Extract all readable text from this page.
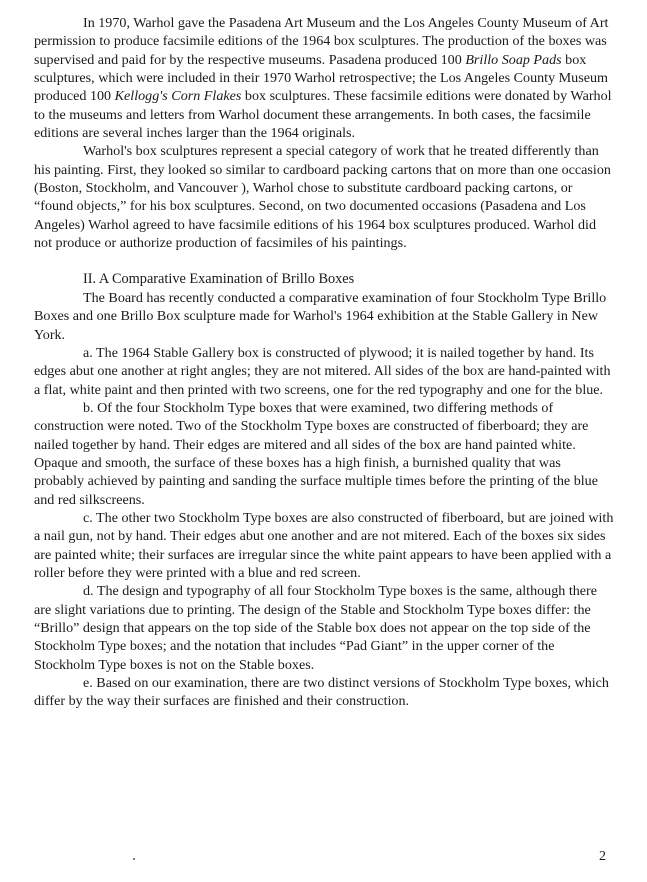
In 1970, Warhol gave the Pasadena Art Museum and the Los Angeles County Museum of Art permission to produce facsimile editions of the 1964 box sculptures. The production of the boxes was supervised and paid for by the respective museums. Pasadena produced 100 Brillo Soap Pads box sculptures, which were included in their 1970 Warhol retrospective; the Los Angeles County Museum produced 100 Kellogg's Corn Flakes box sculptures. These facsimile editions were donated by Warhol to the museums and letters from Warhol document these arrangements. In both cases, the facsimile editions are several inches larger than the 1964 originals.

Warhol's box sculptures represent a special category of work that he treated differently than his painting. First, they looked so similar to cardboard packing cartons that on more than one occasion (Boston, Stockholm, and Vancouver ), Warhol chose to substitute cardboard packing cartons, or “found objects,” for his box sculptures. Second, on two documented occasions (Pasadena and Los Angeles) Warhol agreed to have facsimile editions of his 1964 box sculptures produced. Warhol did not produce or authorize production of facsimiles of his paintings.

II. A Comparative Examination of Brillo Boxes

The Board has recently conducted a comparative examination of four Stockholm Type Brillo Boxes and one Brillo Box sculpture made for Warhol's 1964 exhibition at the Stable Gallery in New York.

a. The 1964 Stable Gallery box is constructed of plywood; it is nailed together by hand. Its edges abut one another at right angles; they are not mitered. All sides of the box are hand-painted with a flat, white paint and then printed with two screens, one for the red typography and one for the blue.

b. Of the four Stockholm Type boxes that were examined, two differing methods of construction were noted. Two of the Stockholm Type boxes are constructed of fiberboard; they are nailed together by hand. Their edges are mitered and all sides of the box are hand painted white. Opaque and smooth, the surface of these boxes has a high finish, a burnished quality that was probably achieved by painting and sanding the surface multiple times before the printing of the blue and red silkscreens.

c. The other two Stockholm Type boxes are also constructed of fiberboard, but are joined with a nail gun, not by hand. Their edges abut one another and are not mitered. Each of the boxes six sides are painted white; their surfaces are irregular since the white paint appears to have been applied with a roller before they were printed with a blue and red screen.

d. The design and typography of all four Stockholm Type boxes is the same, although there are slight variations due to printing. The design of the Stable and Stockholm Type boxes differ: the “Brillo” design that appears on the top side of the Stable box does not appear on the top side of the Stockholm Type boxes; and the notation that includes “Pad Giant” in the upper corner of the Stockholm Type boxes is not on the Stable boxes.

e. Based on our examination, there are two distinct versions of Stockholm Type boxes, which differ by the way their surfaces are finished and their construction.

2
